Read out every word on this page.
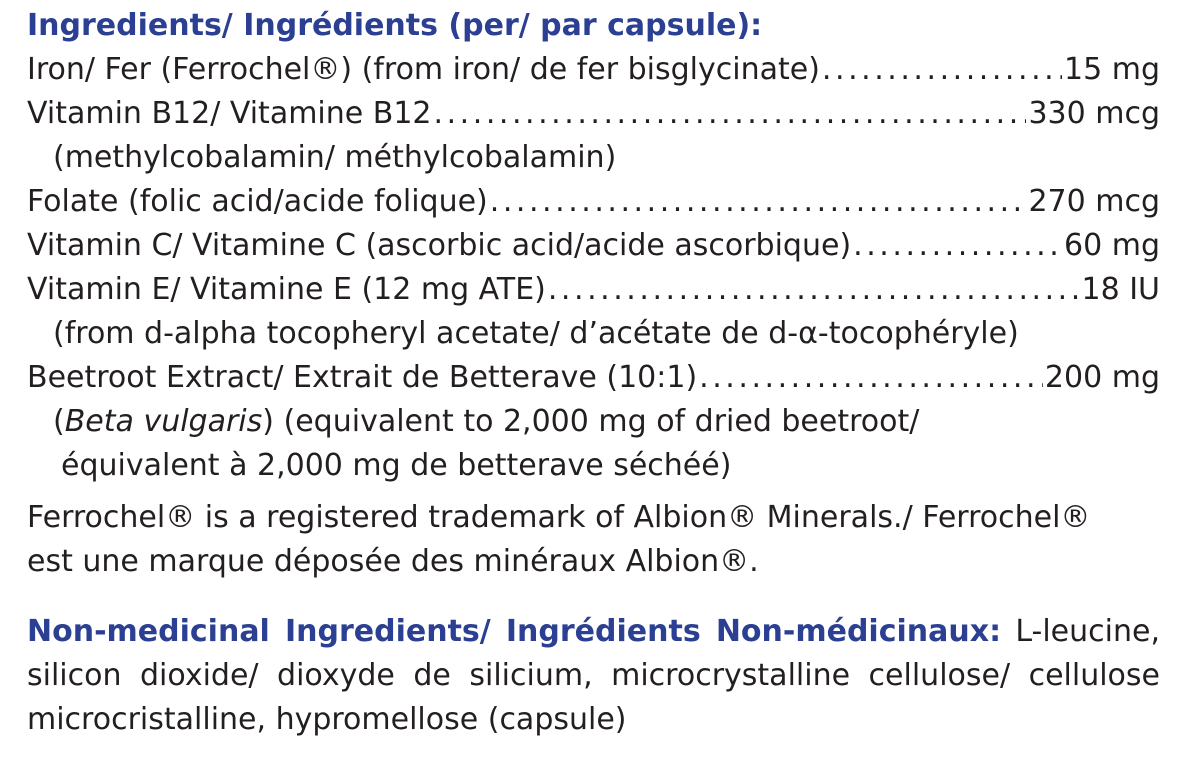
Ingredients/ Ingrédients (per/ par capsule):
Iron/ Fer (Ferrochel®) (from iron/ de fer bisglycinate) . . .	15 mg
Vitamin B12/ Vitamine B12 . . .	330 mcg
(methylcobalamin/ méthylcobalamin)
Folate (folic acid/acide folique) . . .	270 mcg
Vitamin C/ Vitamine C (ascorbic acid/acide ascorbique) . . .	60 mg
Vitamin E/ Vitamine E (12 mg ATE) . . .	18 IU
(from d-alpha tocopheryl acetate/ d’acétate de d-α-tocophéryle)
Beetroot Extract/ Extrait de Betterave (10:1) . . .	200 mg
(Beta vulgaris) (equivalent to 2,000 mg of dried beetroot/
équivalent à 2,000 mg de betterave séchéé)
Ferrochel® is a registered trademark of Albion® Minerals./ Ferrochel®
est une marque déposée des minéraux Albion®.
Non-medicinal Ingredients/ Ingrédients Non-médicinaux: L-leucine, silicon dioxide/ dioxyde de silicium, microcrystalline cellulose/ cellulose microcristalline, hypromellose (capsule)
